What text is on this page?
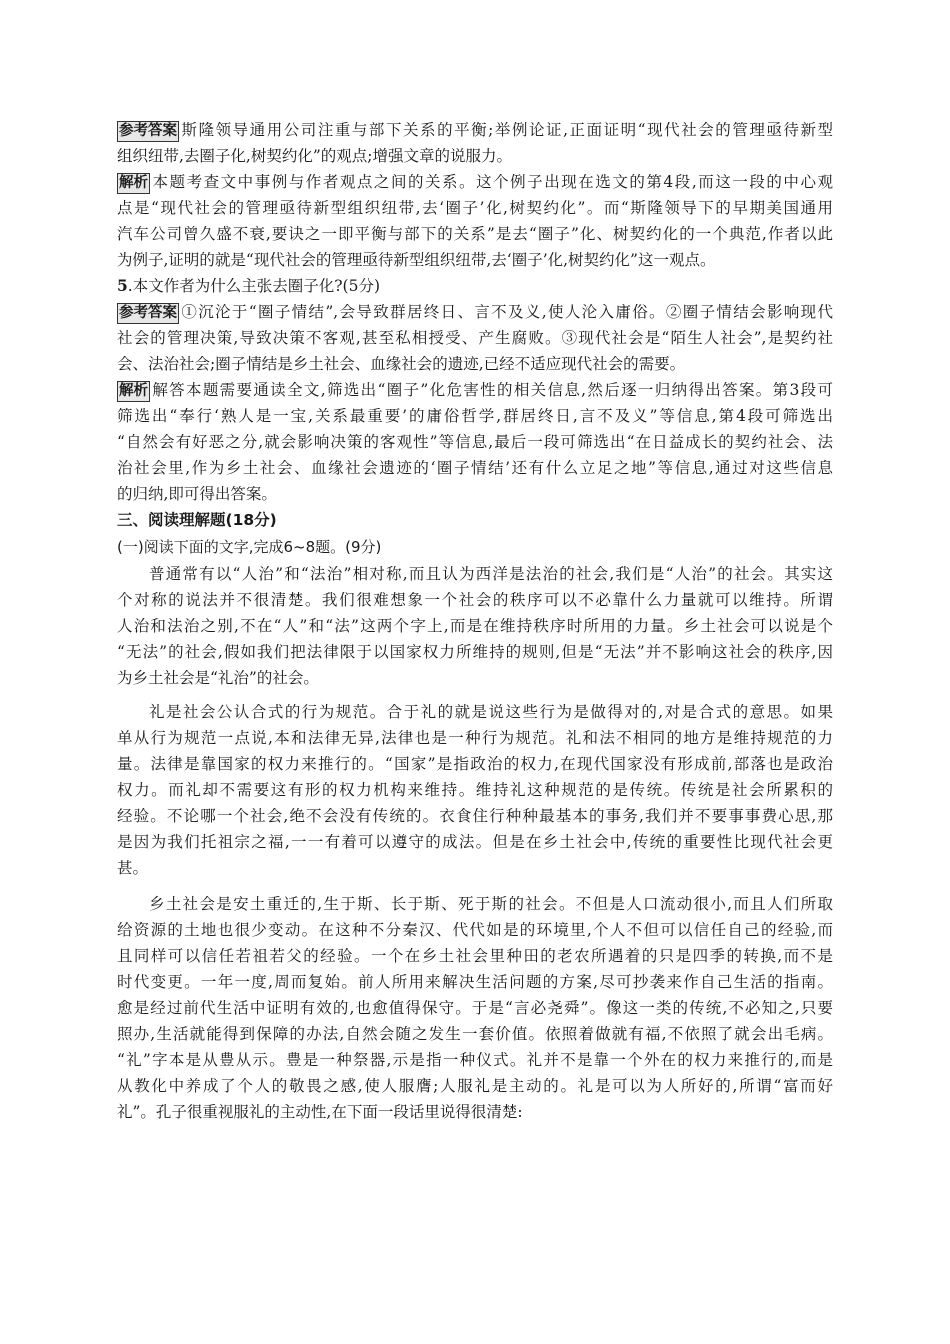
参考答案 斯隆领导通用公司注重与部下关系的平衡;举例论证,正面证明“现代社会的管理亟待新型
组织纽带,去圈子化,树契约化”的观点;增强文章的说服力。
解析 本题考查文中事例与作者观点之间的关系。这个例子出现在选文的第4段,而这一段的中心观
点是“现代社会的管理亟待新型组织纽带,去‘圈子’化,树契约化”。而“斯隆领导下的早期美国通用
汽车公司曾久盛不衰,要诀之一即平衡与部下的关系”是去“圈子”化、树契约化的一个典范,作者以此
为例子,证明的就是“现代社会的管理亟待新型组织纽带,去‘圈子’化,树契约化”这一观点。
5.本文作者为什么主张去圈子化?(5分)
参考答案 ①沉沦于“圈子情结”,会导致群居终日、言不及义,使人沦入庸俗。②圈子情结会影响现代
社会的管理决策,导致决策不客观,甚至私相授受、产生腐败。③现代社会是“陌生人社会”,是契约社
会、法治社会;圈子情结是乡土社会、血缘社会的遗迹,已经不适应现代社会的需要。
解析 解答本题需要通读全文,筛选出“圈子”化危害性的相关信息,然后逐一归纳得出答案。第3段可
筛选出“奉行‘熟人是一宝,关系最重要’的庸俗哲学,群居终日,言不及义”等信息,第4段可筛选出
“自然会有好恶之分,就会影响决策的客观性”等信息,最后一段可筛选出“在日益成长的契约社会、法
治社会里,作为乡土社会、血缘社会遗迹的‘圈子情结’还有什么立足之地”等信息,通过对这些信息
的归纳,即可得出答案。
三、阅读理解题(18分)
(一)阅读下面的文字,完成6~8题。(9分)
普通常有以“人治”和“法治”相对称,而且认为西洋是法治的社会,我们是“人治”的社会。其实这
个对称的说法并不很清楚。我们很难想象一个社会的秩序可以不必靠什么力量就可以维持。所谓
人治和法治之别,不在“人”和“法”这两个字上,而是在维持秩序时所用的力量。乡土社会可以说是个
“无法”的社会,假如我们把法律限于以国家权力所维持的规则,但是“无法”并不影响这社会的秩序,因
为乡土社会是“礼治”的社会。
礼是社会公认合式的行为规范。合于礼的就是说这些行为是做得对的,对是合式的意思。如果
单从行为规范一点说,本和法律无异,法律也是一种行为规范。礼和法不相同的地方是维持规范的力
量。法律是靠国家的权力来推行的。“国家”是指政治的权力,在现代国家没有形成前,部落也是政治
权力。而礼却不需要这有形的权力机构来维持。维持礼这种规范的是传统。传统是社会所累积的
经验。不论哪一个社会,绝不会没有传统的。衣食住行种种最基本的事务,我们并不要事事费心思,那
是因为我们托祖宗之福,一一有着可以遵守的成法。但是在乡土社会中,传统的重要性比现代社会更
甚。
乡土社会是安土重迁的,生于斯、长于斯、死于斯的社会。不但是人口流动很小,而且人们所取
给资源的土地也很少变动。在这种不分秦汉、代代如是的环境里,个人不但可以信任自己的经验,而
且同样可以信任若祖若父的经验。一个在乡土社会里种田的老农所遇着的只是四季的转换,而不是
时代变更。一年一度,周而复始。前人所用来解决生活问题的方案,尽可抄袭来作自己生活的指南。
愈是经过前代生活中证明有效的,也愈值得保守。于是“言必尧舜”。像这一类的传统,不必知之,只要
照办,生活就能得到保障的办法,自然会随之发生一套价值。依照着做就有福,不依照了就会出毛病。
“礼”字本是从豊从示。豊是一种祭器,示是指一种仪式。礼并不是靠一个外在的权力来推行的,而是
从教化中养成了个人的敬畏之感,使人服膺;人服礼是主动的。礼是可以为人所好的,所谓“富而好
礼”。孔子很重视服礼的主动性,在下面一段话里说得很清楚:
